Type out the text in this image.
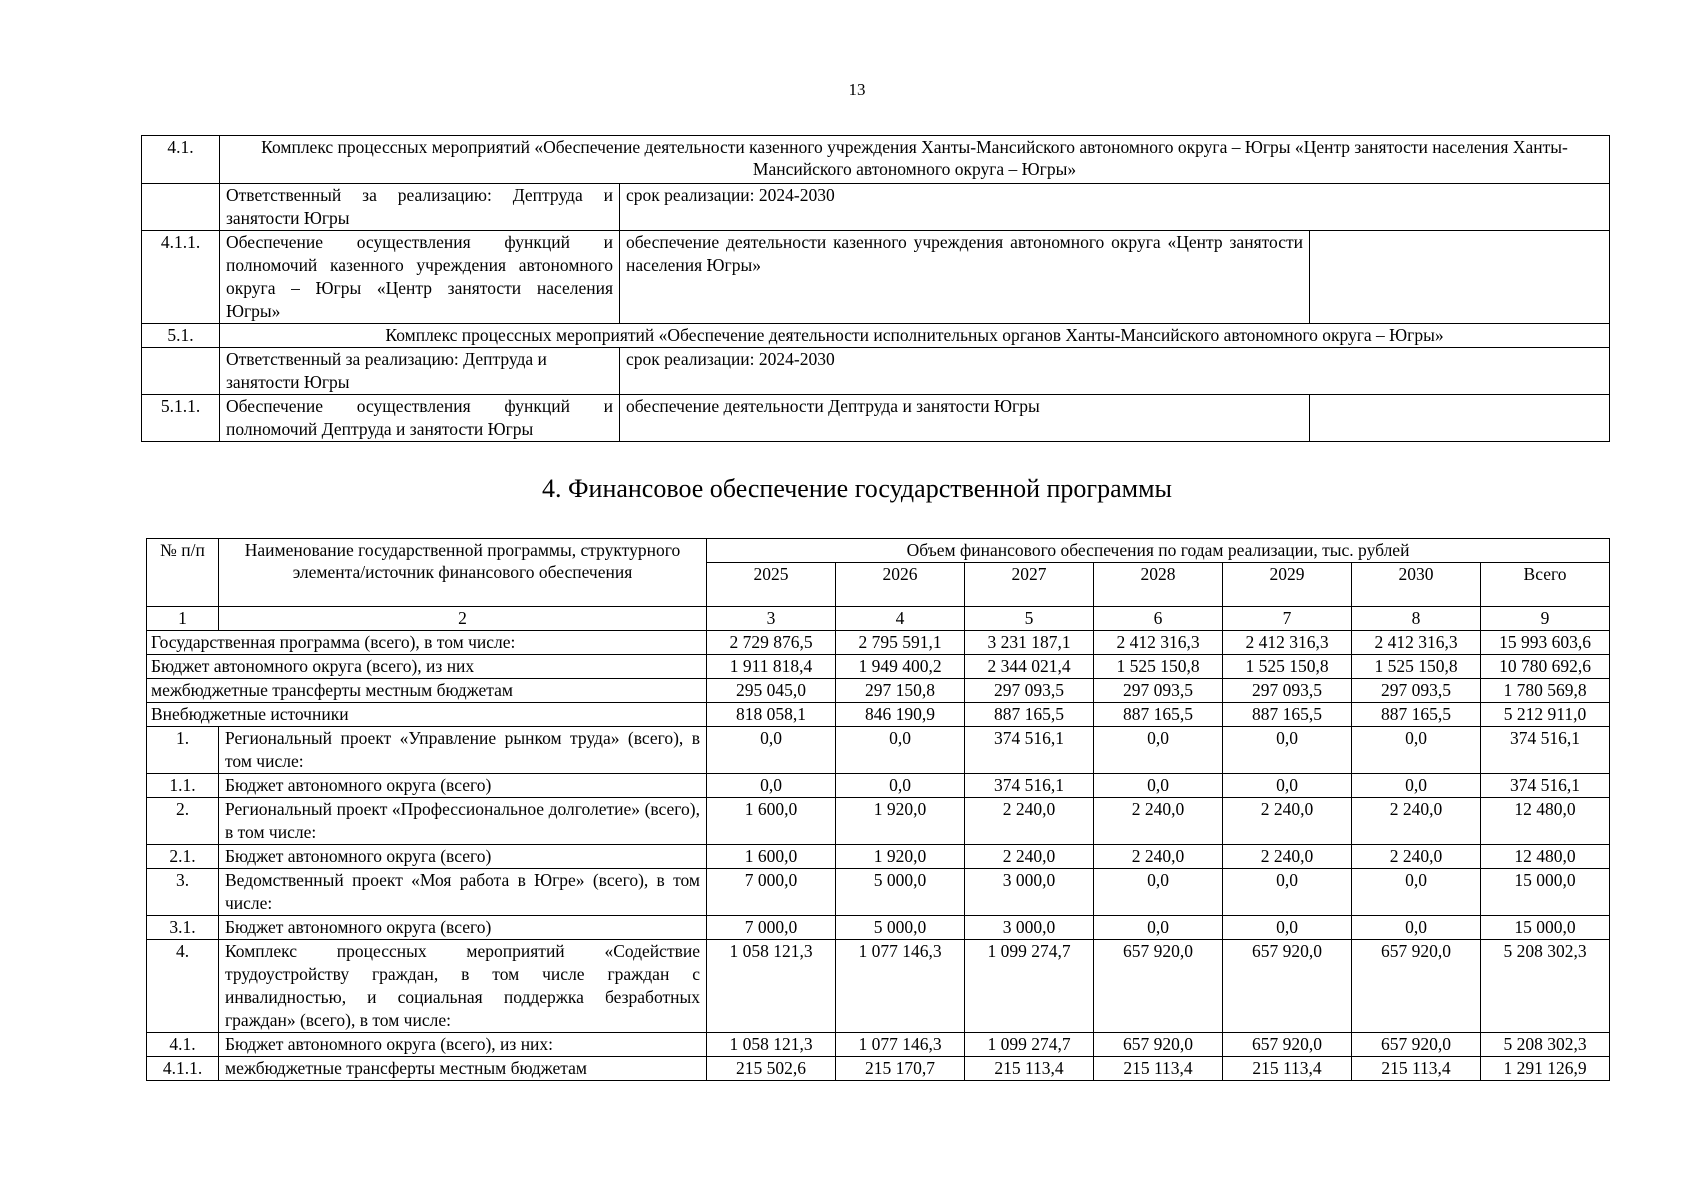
13
4.1.	Комплекс процессных мероприятий «Обеспечение деятельности казенного учреждения Ханты-Мансийского автономного округа – Югры «Центр занятости населения Ханты-Мансийского автономного округа – Югры»		
	Ответственный за реализацию: Дептруда и занятости Югры	срок реализации: 2024-2030	
4.1.1.	Обеспечение осуществления функций и полномочий казенного учреждения автономного округа – Югры «Центр занятости населения Югры»	обеспечение деятельности казенного учреждения автономного округа «Центр занятости населения Югры»	
5.1.	Комплекс процессных мероприятий «Обеспечение деятельности исполнительных органов Ханты-Мансийского автономного округа – Югры»		
	Ответственный за реализацию: Дептруда и занятости Югры	срок реализации: 2024-2030	
5.1.1.	Обеспечение осуществления функций и полномочий Дептруда и занятости Югры	обеспечение деятельности Дептруда и занятости Югры	
4. Финансовое обеспечение государственной программы
№ п/п	Наименование государственной программы, структурного элемента/источник финансового обеспечения	Объем финансового обеспечения по годам реализации, тыс. рублей						
		2025	2026	2027	2028	2029	2030	Всего
1	2	3	4	5	6	7	8	9
Государственная программа (всего), в том числе:		2 729 876,5	2 795 591,1	3 231 187,1	2 412 316,3	2 412 316,3	2 412 316,3	15 993 603,6
Бюджет автономного округа (всего), из них		1 911 818,4	1 949 400,2	2 344 021,4	1 525 150,8	1 525 150,8	1 525 150,8	10 780 692,6
межбюджетные трансферты местным бюджетам		295 045,0	297 150,8	297 093,5	297 093,5	297 093,5	297 093,5	1 780 569,8
Внебюджетные источники		818 058,1	846 190,9	887 165,5	887 165,5	887 165,5	887 165,5	5 212 911,0
1.	Региональный проект «Управление рынком труда» (всего), в том числе:	0,0	0,0	374 516,1	0,0	0,0	0,0	374 516,1
1.1.	Бюджет автономного округа (всего)	0,0	0,0	374 516,1	0,0	0,0	0,0	374 516,1
2.	Региональный проект «Профессиональное долголетие» (всего), в том числе:	1 600,0	1 920,0	2 240,0	2 240,0	2 240,0	2 240,0	12 480,0
2.1.	Бюджет автономного округа (всего)	1 600,0	1 920,0	2 240,0	2 240,0	2 240,0	2 240,0	12 480,0
3.	Ведомственный проект «Моя работа в Югре» (всего), в том числе:	7 000,0	5 000,0	3 000,0	0,0	0,0	0,0	15 000,0
3.1.	Бюджет автономного округа (всего)	7 000,0	5 000,0	3 000,0	0,0	0,0	0,0	15 000,0
4.	Комплекс процессных мероприятий «Содействие трудоустройству граждан, в том числе граждан с инвалидностью, и социальная поддержка безработных граждан» (всего), в том числе:	1 058 121,3	1 077 146,3	1 099 274,7	657 920,0	657 920,0	657 920,0	5 208 302,3
4.1.	Бюджет автономного округа (всего), из них:	1 058 121,3	1 077 146,3	1 099 274,7	657 920,0	657 920,0	657 920,0	5 208 302,3
4.1.1.	межбюджетные трансферты местным бюджетам	215 502,6	215 170,7	215 113,4	215 113,4	215 113,4	215 113,4	1 291 126,9
